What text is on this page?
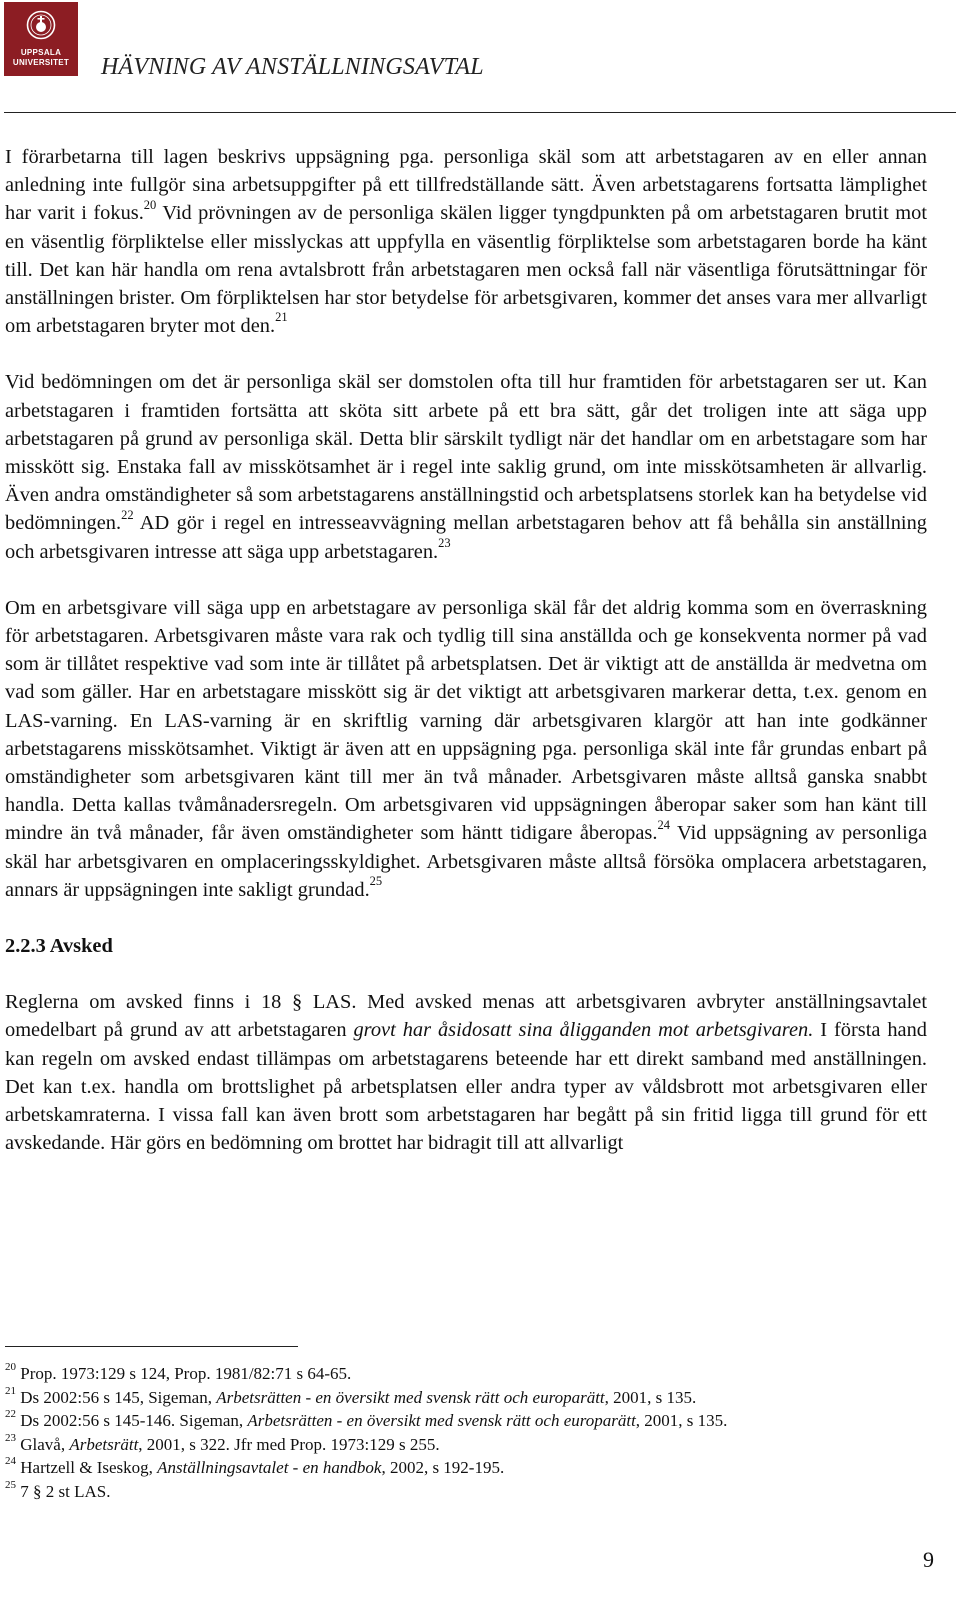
UPPSALA
UNIVERSITET	HÄVNING AV ANSTÄLLNINGSAVTAL

I förarbetarna till lagen beskrivs uppsägning pga. personliga skäl som att arbetstagaren av en eller annan anledning inte fullgör sina arbetsuppgifter på ett tillfredställande sätt. Även arbetstagarens fortsatta lämplighet har varit i fokus.$^{20}$ Vid prövningen av de personliga skälen ligger tyngdpunkten på om arbetstagaren brutit mot en väsentlig förpliktelse eller misslyckas att uppfylla en väsentlig förpliktelse som arbetstagaren borde ha känt till. Det kan här handla om rena avtalsbrott från arbetstagaren men också fall när väsentliga förutsättningar för anställningen brister. Om förpliktelsen har stor betydelse för arbetsgivaren, kommer det anses vara mer allvarligt om arbetstagaren bryter mot den.$^{21}$

Vid bedömningen om det är personliga skäl ser domstolen ofta till hur framtiden för arbetstagaren ser ut. Kan arbetstagaren i framtiden fortsätta att sköta sitt arbete på ett bra sätt, går det troligen inte att säga upp arbetstagaren på grund av personliga skäl. Detta blir särskilt tydligt när det handlar om en arbetstagare som har misskött sig. Enstaka fall av misskötsamhet är i regel inte saklig grund, om inte misskötsamheten är allvarlig. Även andra omständigheter så som arbetstagarens anställningstid och arbetsplatsens storlek kan ha betydelse vid bedömningen.$^{22}$ AD gör i regel en intresseavvägning mellan arbetstagaren behov att få behålla sin anställning och arbetsgivaren intresse att säga upp arbetstagaren.$^{23}$

Om en arbetsgivare vill säga upp en arbetstagare av personliga skäl får det aldrig komma som en överraskning för arbetstagaren. Arbetsgivaren måste vara rak och tydlig till sina anställda och ge konsekventa normer på vad som är tillåtet respektive vad som inte är tillåtet på arbetsplatsen. Det är viktigt att de anställda är medvetna om vad som gäller. Har en arbetstagare misskött sig är det viktigt att arbetsgivaren markerar detta, t.ex. genom en LAS-varning. En LAS-varning är en skriftlig varning där arbetsgivaren klargör att han inte godkänner arbetstagarens misskötsamhet. Viktigt är även att en uppsägning pga. personliga skäl inte får grundas enbart på omständigheter som arbetsgivaren känt till mer än två månader. Arbetsgivaren måste alltså ganska snabbt handla. Detta kallas tvåmånadersregeln. Om arbetsgivaren vid uppsägningen åberopar saker som han känt till mindre än två månader, får även omständigheter som häntt tidigare åberopas.$^{24}$ Vid uppsägning av personliga skäl har arbetsgivaren en omplaceringsskyldighet. Arbetsgivaren måste alltså försöka omplacera arbetstagaren, annars är uppsägningen inte sakligt grundad.$^{25}$

2.2.3 Avsked

Reglerna om avsked finns i 18 § LAS. Med avsked menas att arbetsgivaren avbryter anställningsavtalet omedelbart på grund av att arbetstagaren grovt har åsidosatt sina åligganden mot arbetsgivaren. I första hand kan regeln om avsked endast tillämpas om arbetstagarens beteende har ett direkt samband med anställningen. Det kan t.ex. handla om brottslighet på arbetsplatsen eller andra typer av våldsbrott mot arbetsgivaren eller arbetskamraterna. I vissa fall kan även brott som arbetstagaren har begått på sin fritid ligga till grund för ett avskedande. Här görs en bedömning om brottet har bidragit till att allvarligt

$^{20}$ Prop. 1973:129 s 124, Prop. 1981/82:71 s 64-65.
$^{21}$ Ds 2002:56 s 145, Sigeman, Arbetsrätten - en översikt med svensk rätt och europarätt, 2001, s 135.
$^{22}$ Ds 2002:56 s 145-146. Sigeman, Arbetsrätten - en översikt med svensk rätt och europarätt, 2001, s 135.
$^{23}$ Glavå, Arbetsrätt, 2001, s 322. Jfr med Prop. 1973:129 s 255.
$^{24}$ Hartzell & Iseskog, Anställningsavtalet - en handbok, 2002, s 192-195.
$^{25}$ 7 § 2 st LAS.
9
